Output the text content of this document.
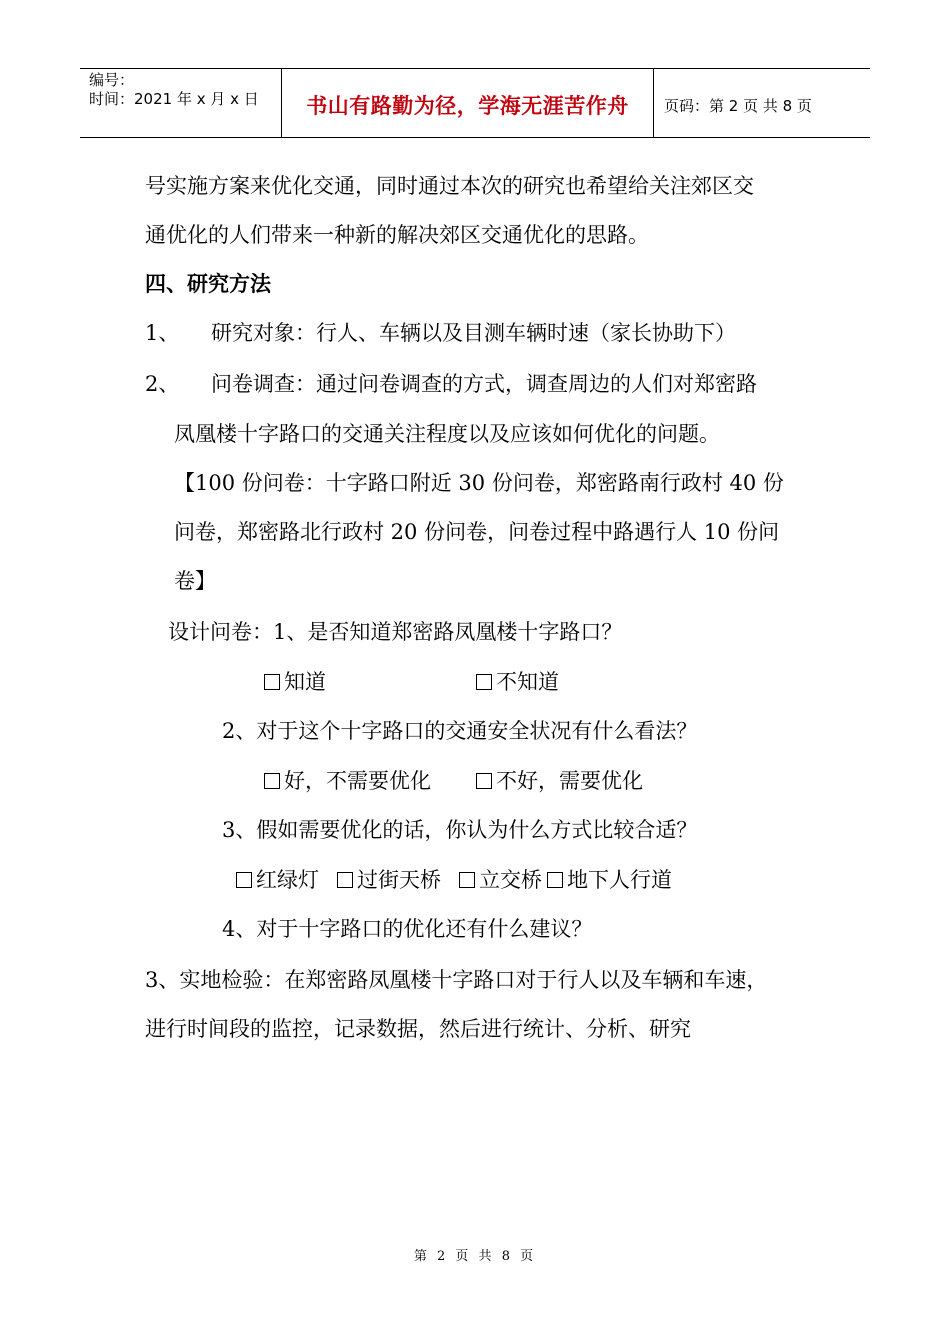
编号：
时间：2021 年 x 月 x 日	书山有路勤为径，学海无涯苦作舟 页码：第 2 页 共 8 页
号实施方案来优化交通，同时通过本次的研究也希望给关注郊区交
通优化的人们带来一种新的解决郊区交通优化的思路。
四、研究方法
1、 研究对象：行人、车辆以及目测车辆时速（家长协助下）
2、 问卷调查：通过问卷调查的方式，调查周边的人们对郑密路
凤凰楼十字路口的交通关注程度以及应该如何优化的问题。
【100 份问卷：十字路口附近 30 份问卷，郑密路南行政村 40 份
问卷，郑密路北行政村 20 份问卷，问卷过程中路遇行人 10 份问
卷】
设计问卷：1、是否知道郑密路凤凰楼十字路口？
知道	不知道
2、对于这个十字路口的交通安全状况有什么看法？
好，不需要优化	不好，需要优化
3、假如需要优化的话，你认为什么方式比较合适？
红绿灯	过街天桥	立交桥	地下人行道
4、对于十字路口的优化还有什么建议？
3、实地检验：在郑密路凤凰楼十字路口对于行人以及车辆和车速，
进行时间段的监控，记录数据，然后进行统计、分析、研究
第 2 页 共 8 页
